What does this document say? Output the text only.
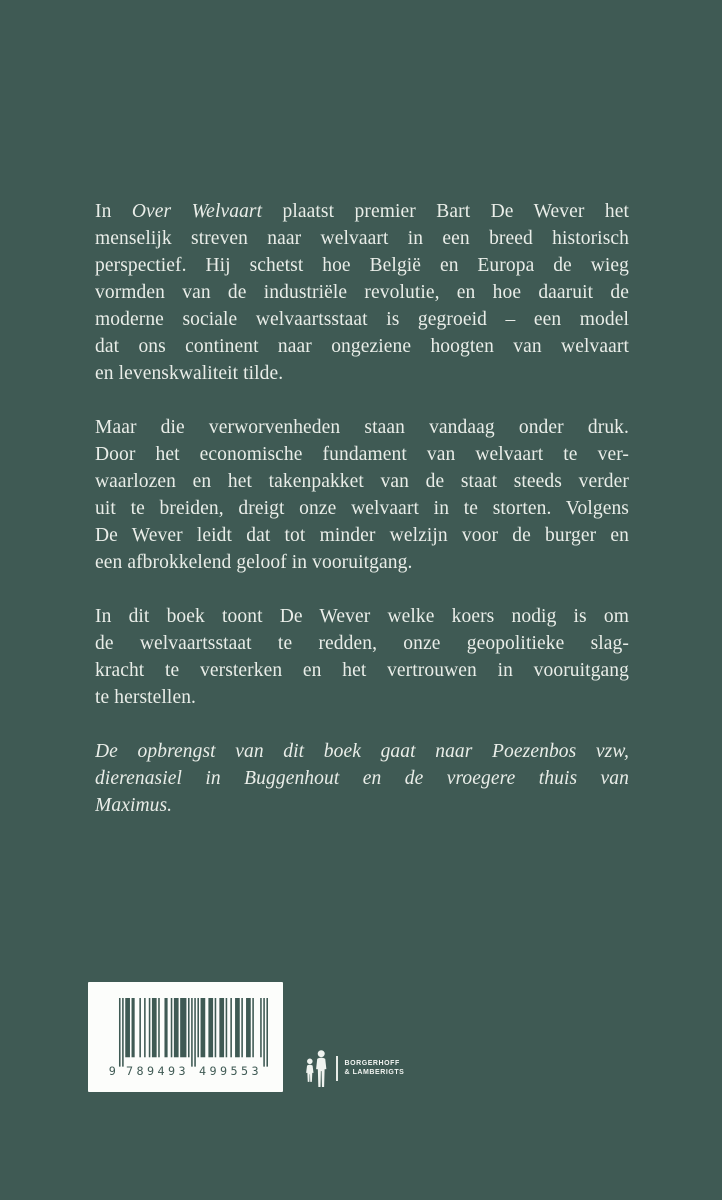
In Over Welvaart plaatst premier Bart De Wever het
menselijk streven naar welvaart in een breed historisch
perspectief. Hij schetst hoe België en Europa de wieg
vormden van de industriële revolutie, en hoe daaruit de
moderne sociale welvaartsstaat is gegroeid – een model
dat ons continent naar ongeziene hoogten van welvaart
en levenskwaliteit tilde.
Maar die verworvenheden staan vandaag onder druk.
Door het economische fundament van welvaart te ver-
waarlozen en het takenpakket van de staat steeds verder
uit te breiden, dreigt onze welvaart in te storten. Volgens
De Wever leidt dat tot minder welzijn voor de burger en
een afbrokkelend geloof in vooruitgang.
In dit boek toont De Wever welke koers nodig is om
de welvaartsstaat te redden, onze geopolitieke slag-
kracht te versterken en het vertrouwen in vooruitgang
te herstellen.
De opbrengst van dit boek gaat naar Poezenbos vzw,
dierenasiel in Buggenhout en de vroegere thuis van
Maximus.
9 789493 499553
BORGERHOFF
& LAMBERIGTS
